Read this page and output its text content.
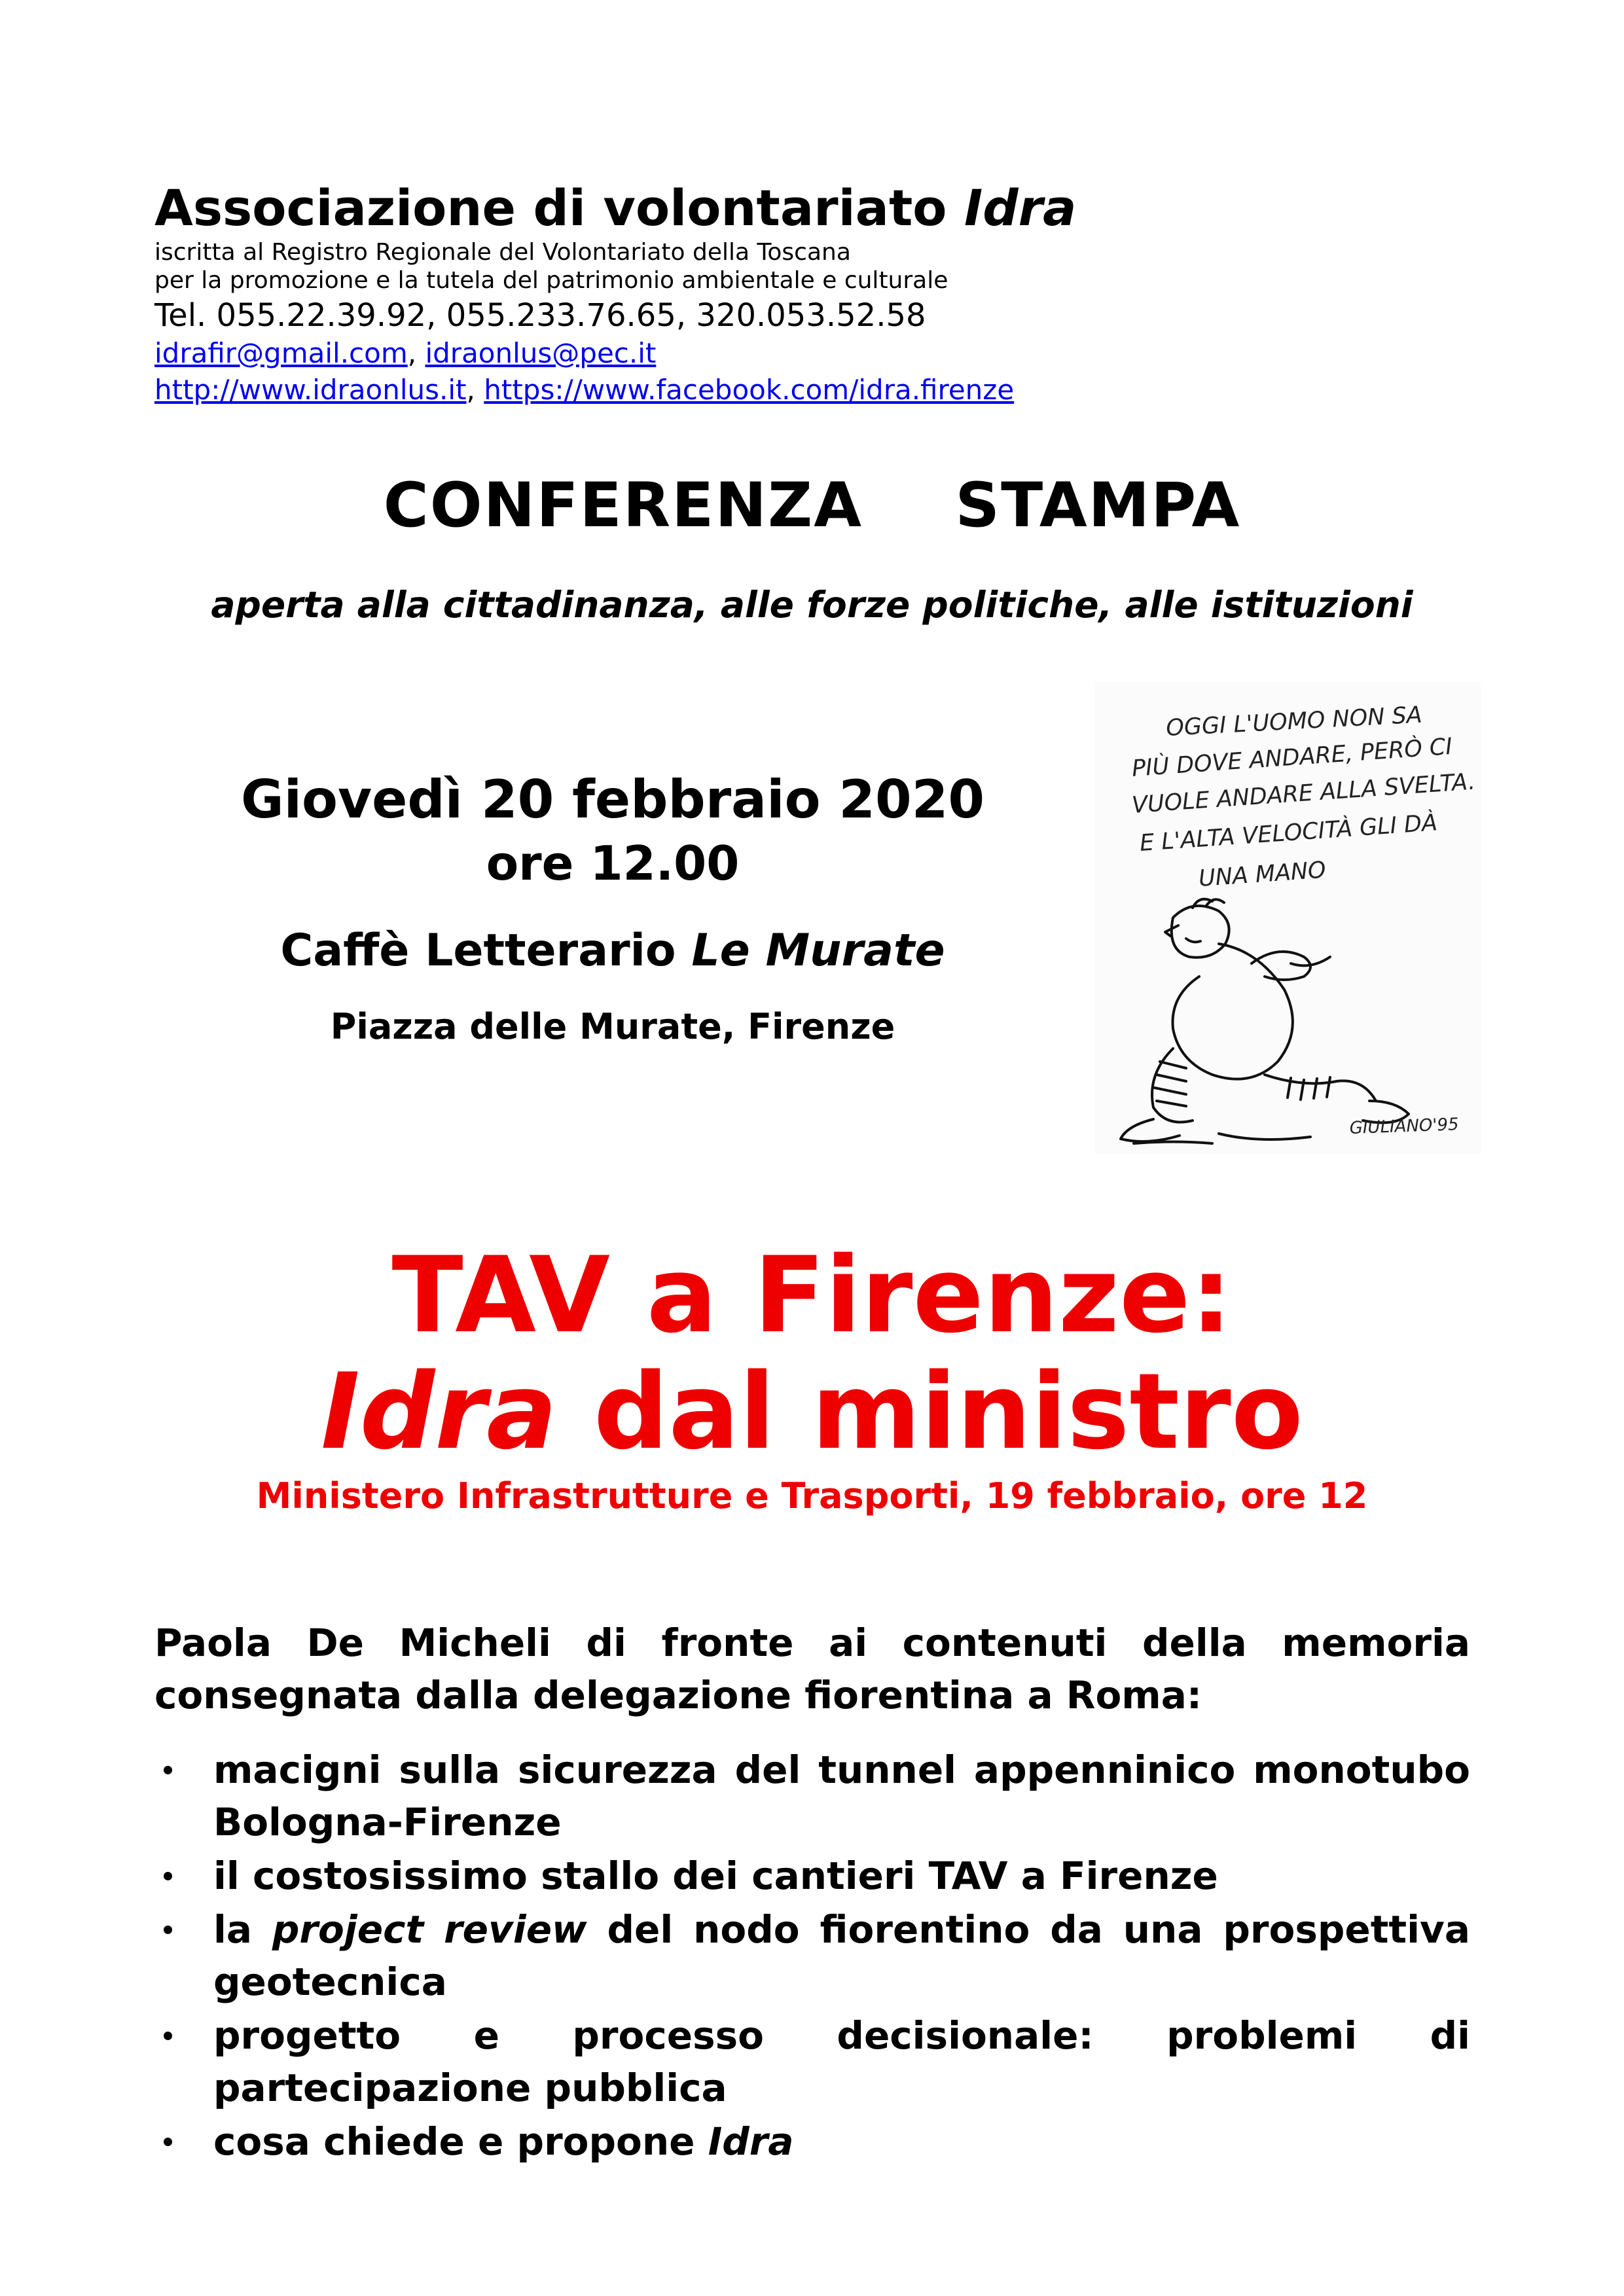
Associazione di volontariato Idra

iscritta al Registro Regionale del Volontariato della Toscana

per la promozione e la tutela del patrimonio ambientale e culturale

Tel. 055.22.39.92, 055.233.76.65, 320.053.52.58

idrafir@gmail.com, idraonlus@pec.it

http://www.idraonlus.it, https://www.facebook.com/idra.firenze

CONFERENZA  STAMPA

aperta alla cittadinanza, alle forze politiche, alle istituzioni

Giovedì 20 febbraio 2020

ore 12.00

Caffè Letterario Le Murate

Piazza delle Murate, Firenze

OGGI L'UOMO NON SA
PIÙ DOVE ANDARE, PERÒ CI
VUOLE ANDARE ALLA SVELTA.
E L'ALTA VELOCITÀ GLI DÀ
UNA MANO
GIULIANO'95

TAV a Firenze:

Idra dal ministro

Ministero Infrastrutture e Trasporti, 19 febbraio, ore 12

Paola De Micheli di fronte ai contenuti della memoria consegnata dalla delegazione fiorentina a Roma:

macigni sulla sicurezza del tunnel appenninico monotubo Bologna-Firenze
il costosissimo stallo dei cantieri TAV a Firenze
la project review del nodo fiorentino da una prospettiva geotecnica
progetto e processo decisionale: problemi di
partecipazione pubblica
cosa chiede e propone Idra
